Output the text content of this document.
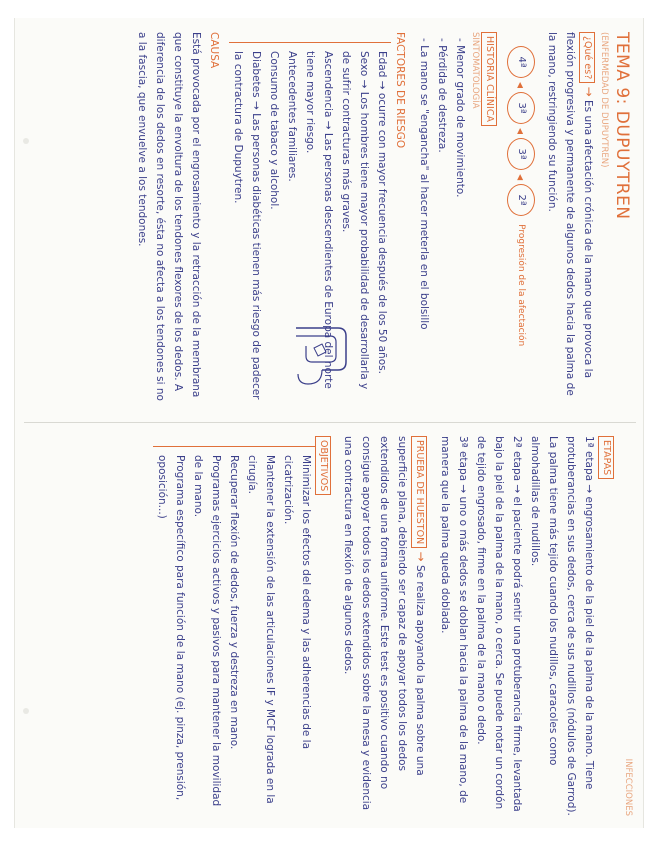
TEMA 9: DUPUYTREN
(ENFERMEDAD DE DUPUYTREN)

¿Qué es? → Es una afectación crónica de la mano que provoca la flexión progresiva y permanente de algunos dedos hacia la palma de la mano, restringiendo su función.

4ª
◂
3ª
◂
3ª
◂
2ª
Progresión de la afectación
HISTORIA CLÍNICA
SINTOMATOLOGÍA

- Menor grado de movimiento.

- Pérdida de destreza.

- La mano se "engancha" al hacer meterla en el bolsillo

FACTORES DE RIESGO

Edad → ocurre con mayor frecuencia después de los 50 años.

Sexo → Los hombres tiene mayor probabilidad de desarrollarla y de sufrir contracturas más graves.

Ascendencia → Las personas descendientes de Europa del norte tiene mayor riesgo.

Antecedentes familiares.

Consumo de tabaco y alcohol.

Diabetes → Las personas diabéticas tienen más riesgo de padecer la contractura de Dupuytren.

CAUSA

Está provocada por el engrosamiento y la retracción de la membrana que constituye la envoltura de los tendones flexores de los dedos. A diferencia de los dedos en resorte, ésta no afecta a los tendones si no a la fascia, que envuelve a los tendones.

INFECCIONES
ETAPAS

1ª etapa → engrosamiento de la piel de la palma de la mano. Tiene protuberancias en sus dedos, cerca de sus nudillos (nódulos de Garrod). La palma tiene más tejido cuando los nudillos, caracoles como almohadillas de nudillos.

2ª etapa → el paciente podrá sentir una protuberancia firme, levantada bajo la piel de la palma de la mano, o cerca. Se puede notar un cordón de tejido engrosado, firme en la palma de la mano o dedo.

3ª etapa → uno o más dedos se doblan hacia la palma de la mano, de manera que la palma queda doblada.

PRUEBA DE HUESTON → Se realiza apoyando la palma sobre una superficie plana, debiendo ser capaz de apoyar todos los dedos extendidos de una forma uniforme. Este test es positivo cuando no consigue apoyar todos los dedos extendidos sobre la mesa y evidencia una contractura en flexión de algunos dedos.
OBJETIVOS

Minimizar los efectos del edema y las adherencias de la cicatrización.

Mantener la extensión de las articulaciones IF y MCF lograda en la cirugía.

Recuperar flexión de dedos, fuerza y destreza en mano.

Programas ejercicios activos y pasivos para mantener la movilidad de la mano.

Programa específico para función de la mano (ej. pinza, prensión, oposición...)
